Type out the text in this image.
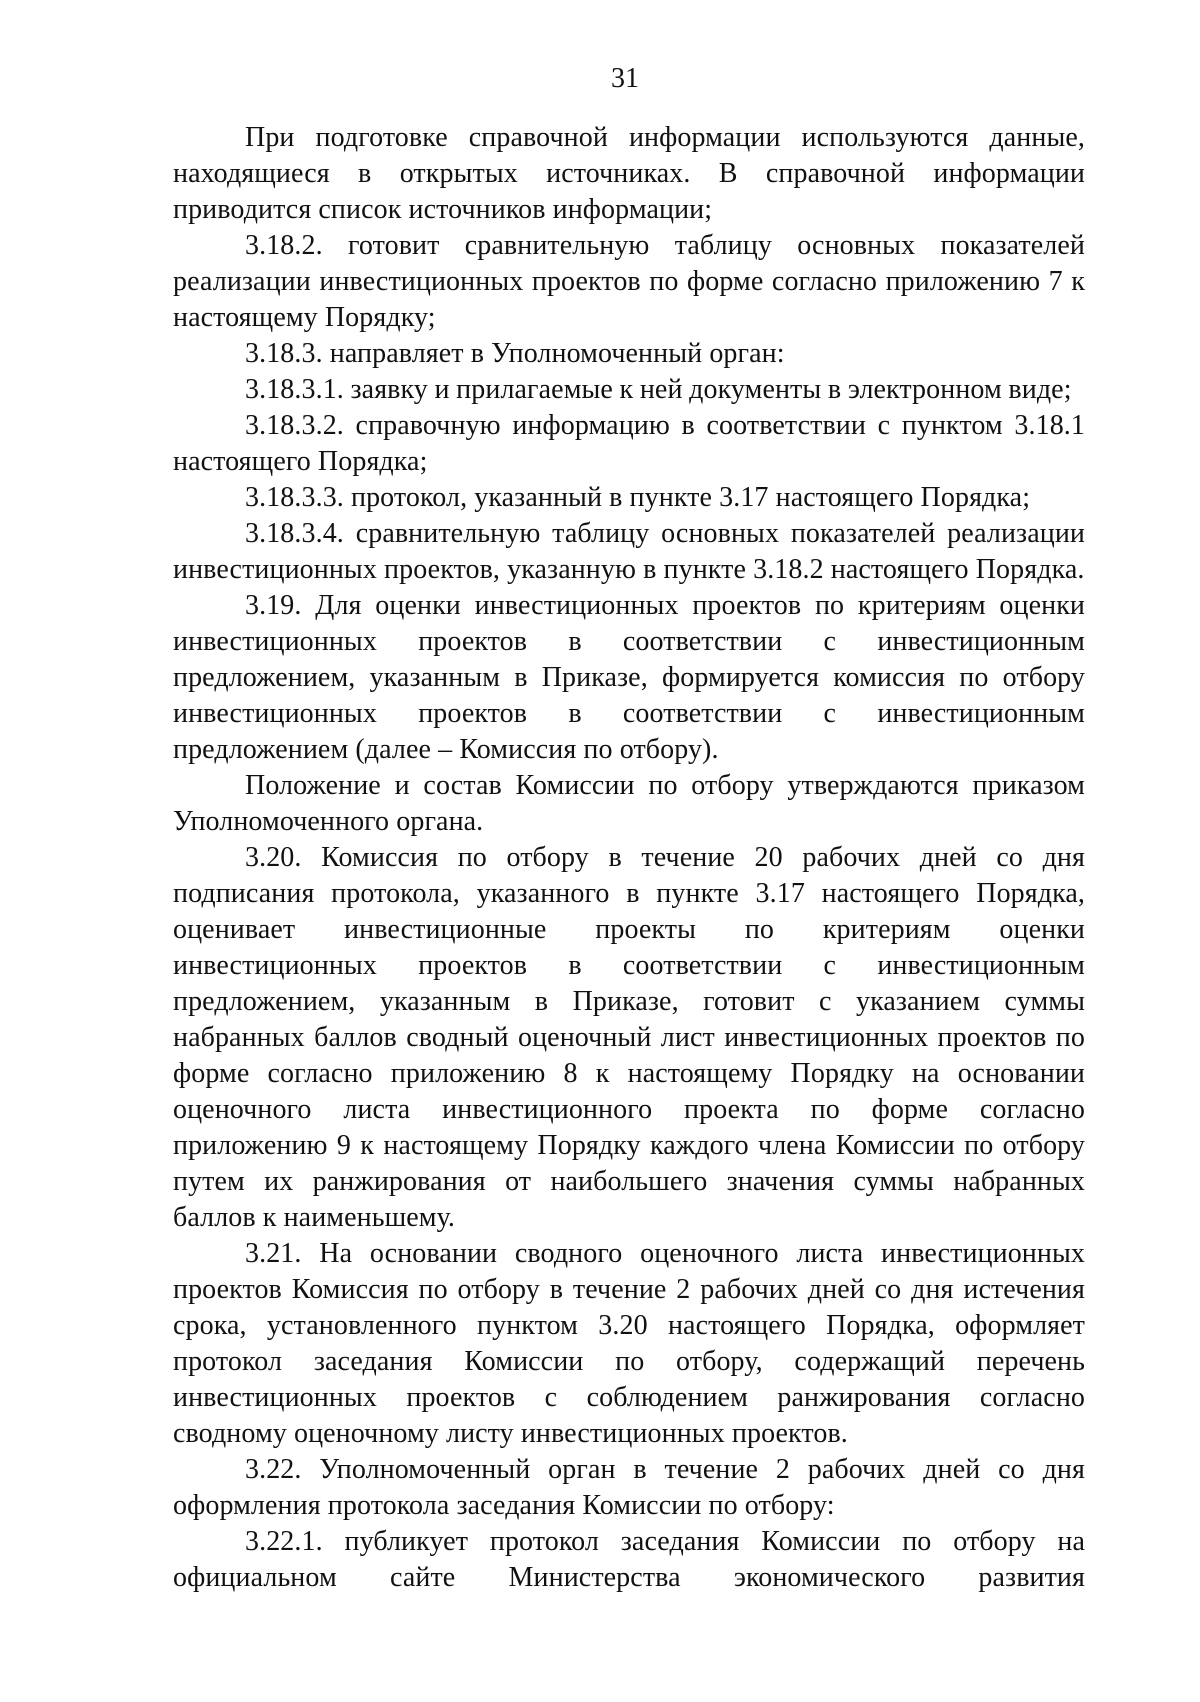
31

При подготовке справочной информации используются данные, находящиеся в открытых источниках. В справочной информации приводится список источников информации;

3.18.2. готовит сравнительную таблицу основных показателей реализации инвестиционных проектов по форме согласно приложению 7 к настоящему Порядку;

3.18.3. направляет в Уполномоченный орган:

3.18.3.1. заявку и прилагаемые к ней документы в электронном виде;

3.18.3.2. справочную информацию в соответствии с пунктом 3.18.1 настоящего Порядка;

3.18.3.3. протокол, указанный в пункте 3.17 настоящего Порядка;

3.18.3.4. сравнительную таблицу основных показателей реализации инвестиционных проектов, указанную в пункте 3.18.2 настоящего Порядка.

3.19. Для оценки инвестиционных проектов по критериям оценки инвестиционных проектов в соответствии с инвестиционным предложением, указанным в Приказе, формируется комиссия по отбору инвестиционных проектов в соответствии с инвестиционным предложением (далее – Комиссия по отбору).

Положение и состав Комиссии по отбору утверждаются приказом Уполномоченного органа.

3.20. Комиссия по отбору в течение 20 рабочих дней со дня подписания протокола, указанного в пункте 3.17 настоящего Порядка, оценивает инвестиционные проекты по критериям оценки инвестиционных проектов в соответствии с инвестиционным предложением, указанным в Приказе, готовит с указанием суммы набранных баллов сводный оценочный лист инвестиционных проектов по форме согласно приложению 8 к настоящему Порядку на основании оценочного листа инвестиционного проекта по форме согласно приложению 9 к настоящему Порядку каждого члена Комиссии по отбору путем их ранжирования от наибольшего значения суммы набранных баллов к наименьшему.

3.21. На основании сводного оценочного листа инвестиционных проектов Комиссия по отбору в течение 2 рабочих дней со дня истечения срока, установленного пунктом 3.20 настоящего Порядка, оформляет протокол заседания Комиссии по отбору, содержащий перечень инвестиционных проектов с соблюдением ранжирования согласно сводному оценочному листу инвестиционных проектов.

3.22. Уполномоченный орган в течение 2 рабочих дней со дня оформления протокола заседания Комиссии по отбору:

3.22.1. публикует протокол заседания Комиссии по отбору на официальном сайте Министерства экономического развития
